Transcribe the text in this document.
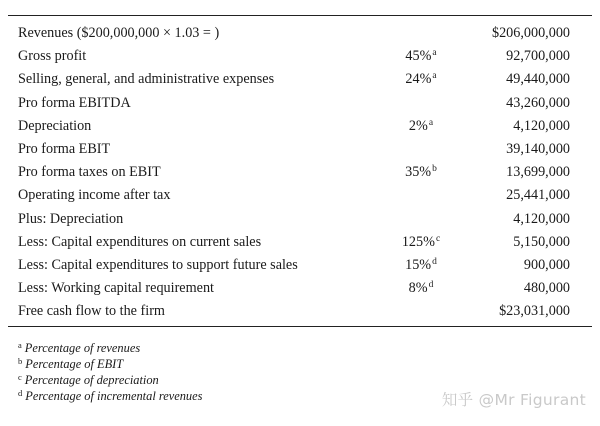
Revenues ($200,000,000 × 1.03 = )		$206,000,000
Gross profit	45%$^a$	92,700,000
Selling, general, and administrative expenses	24%$^a$	49,440,000
Pro forma EBITDA		43,260,000
Depreciation	2%$^a$	4,120,000
Pro forma EBIT		39,140,000
Pro forma taxes on EBIT	35%$^b$	13,699,000
Operating income after tax		25,441,000
Plus: Depreciation		4,120,000
Less: Capital expenditures on current sales	125%$^c$	5,150,000
Less: Capital expenditures to support future sales	15%$^d$	900,000
Less: Working capital requirement	8%$^d$	480,000
Free cash flow to the firm		$23,031,000
$^a$ Percentage of revenues
$^b$ Percentage of EBIT
$^c$ Percentage of depreciation
$^d$ Percentage of incremental revenues	知乎 @Mr Figurant
